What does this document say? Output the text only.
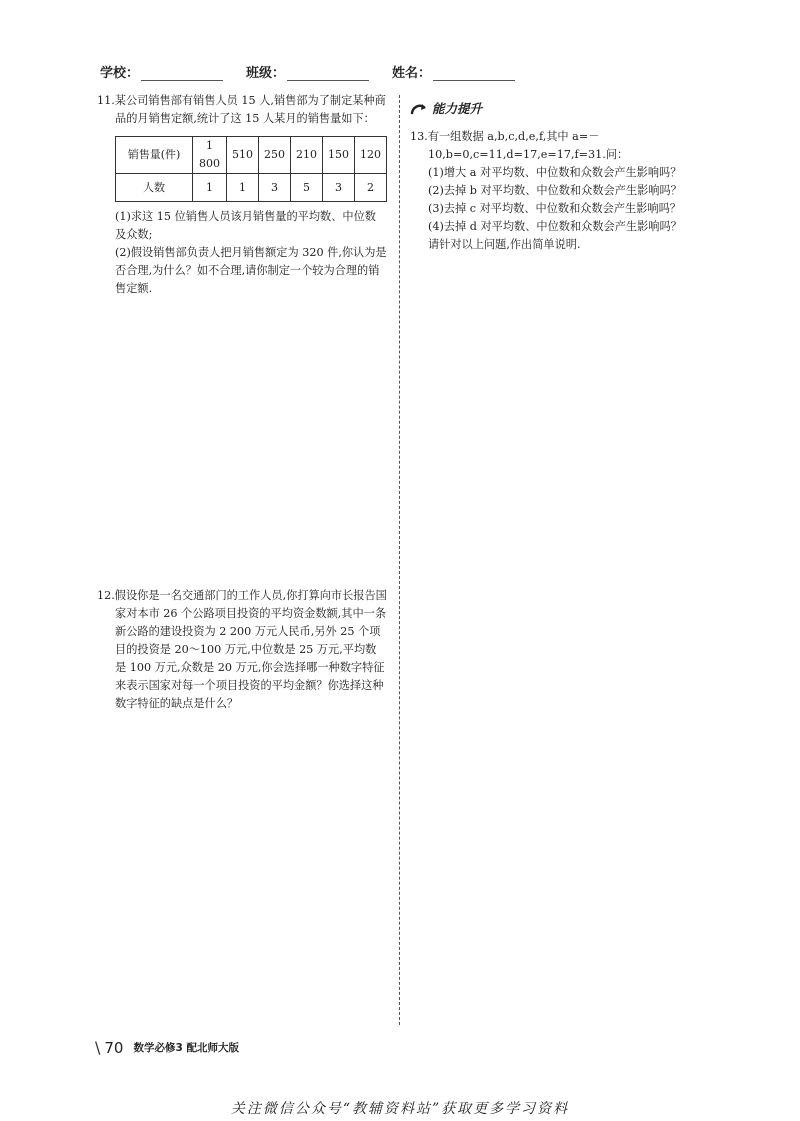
学校：	班级：	姓名：

11.某公司销售部有销售人员 15 人,销售部为了制定某种商品的月销售定额,统计了这 15 人某月的销售量如下：

销售量(件)	1 800	510	250	210	150	120
人数	1	1	3	5	3	2

(1)求这 15 位销售人员该月销售量的平均数、中位数及众数;

(2)假设销售部负责人把月销售额定为 320 件,你认为是否合理,为什么？如不合理,请你制定一个较为合理的销售定额.

12.假设你是一名交通部门的工作人员,你打算向市长报告国家对本市 26 个公路项目投资的平均资金数额,其中一条新公路的建设投资为 2 200 万元人民币,另外 25 个项目的投资是 20～100 万元,中位数是 25 万元,平均数是 100 万元,众数是 20 万元,你会选择哪一种数字特征来表示国家对每一个项目投资的平均金额？你选择这种数字特征的缺点是什么？

能力提升

13.有一组数据 a,b,c,d,e,f,其中 a=－10,b=0,c=11,d=17,e=17,f=31.问：

(1)增大 a 对平均数、中位数和众数会产生影响吗？

(2)去掉 b 对平均数、中位数和众数会产生影响吗？

(3)去掉 c 对平均数、中位数和众数会产生影响吗？

(4)去掉 d 对平均数、中位数和众数会产生影响吗？

请针对以上问题,作出简单说明.

\ 70 数学必修3 配北师大版
关注微信公众号“教辅资料站”获取更多学习资料
